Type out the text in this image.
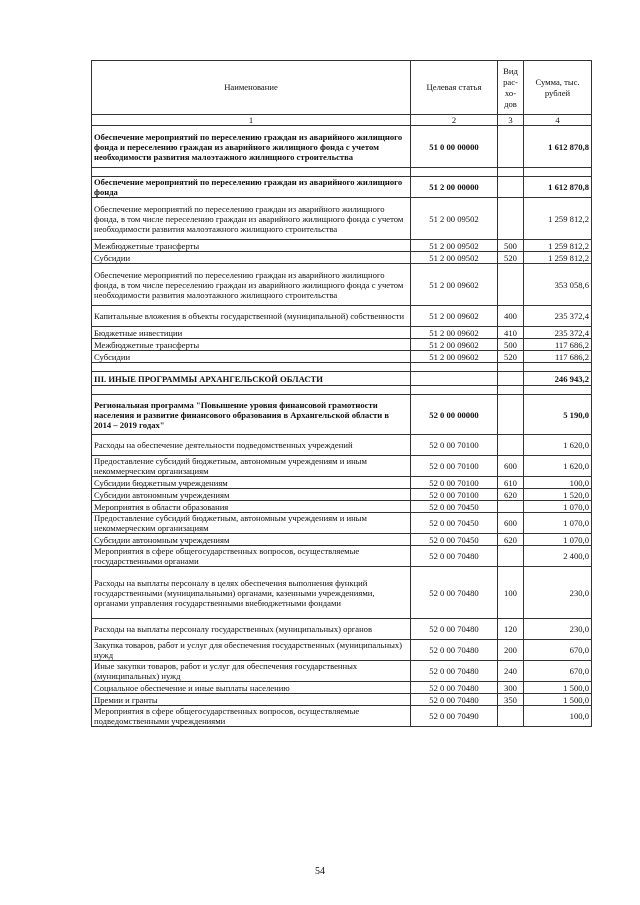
Наименование	Целевая статья	Вид рас- хо- дов	Сумма, тыс. рублей
1	2	3	4
Обеспечение мероприятий по переселению граждан из аварийного жилищного фонда и переселению граждан из аварийного жилищного фонда с учетом необходимости развития малоэтажного жилищного строительства	51 0 00 00000		1 612 870,8

Обеспечение мероприятий по переселению граждан из аварийного жилищного фонда	51 2 00 00000		1 612 870,8
Обеспечение мероприятий по переселению граждан из аварийного жилищного фонда, в том числе переселению граждан из аварийного жилищного фонда с учетом необходимости развития малоэтажного жилищного строительства	51 2 00 09502		1 259 812,2
Межбюджетные трансферты	51 2 00 09502	500	1 259 812,2
Субсидии	51 2 00 09502	520	1 259 812,2
Обеспечение мероприятий по переселению граждан из аварийного жилищного фонда, в том числе переселению граждан из аварийного жилищного фонда с учетом необходимости развития малоэтажного жилищного строительства	51 2 00 09602		353 058,6
Капитальные вложения в объекты государственной (муниципальной) собственности	51 2 00 09602	400	235 372,4
Бюджетные инвестиции	51 2 00 09602	410	235 372,4
Межбюджетные трансферты	51 2 00 09602	500	117 686,2
Субсидии	51 2 00 09602	520	117 686,2

III. ИНЫЕ ПРОГРАММЫ АРХАНГЕЛЬСКОЙ ОБЛАСТИ			246 943,2

Региональная программа "Повышение уровня финансовой грамотности населения и развитие финансового образования в Архангельской области в 2014 – 2019 годах"	52 0 00 00000		5 190,0
Расходы на обеспечение деятельности подведомственных учреждений	52 0 00 70100		1 620,0
Предоставление субсидий бюджетным, автономным учреждениям и иным некоммерческим организациям	52 0 00 70100	600	1 620,0
Субсидии бюджетным учреждениям	52 0 00 70100	610	100,0
Субсидии автономным учреждениям	52 0 00 70100	620	1 520,0
Мероприятия в области образования	52 0 00 70450		1 070,0
Предоставление субсидий бюджетным, автономным учреждениям и иным некоммерческим организациям	52 0 00 70450	600	1 070,0
Субсидии автономным учреждениям	52 0 00 70450	620	1 070,0
Мероприятия в сфере общегосударственных вопросов, осуществляемые государственными органами	52 0 00 70480		2 400,0
Расходы на выплаты персоналу в целях обеспечения выполнения функций государственными (муниципальными) органами, казенными учреждениями, органами управления государственными внебюджетными фондами	52 0 00 70480	100	230,0
Расходы на выплаты персоналу государственных (муниципальных) органов	52 0 00 70480	120	230,0
Закупка товаров, работ и услуг для обеспечения государственных (муниципальных) нужд	52 0 00 70480	200	670,0
Иные закупки товаров, работ и услуг для обеспечения государственных (муниципальных) нужд	52 0 00 70480	240	670,0
Социальное обеспечение и иные выплаты населению	52 0 00 70480	300	1 500,0
Премии и гранты	52 0 00 70480	350	1 500,0
Мероприятия в сфере общегосударственных вопросов, осуществляемые подведомственными учреждениями	52 0 00 70490		100,0
54
